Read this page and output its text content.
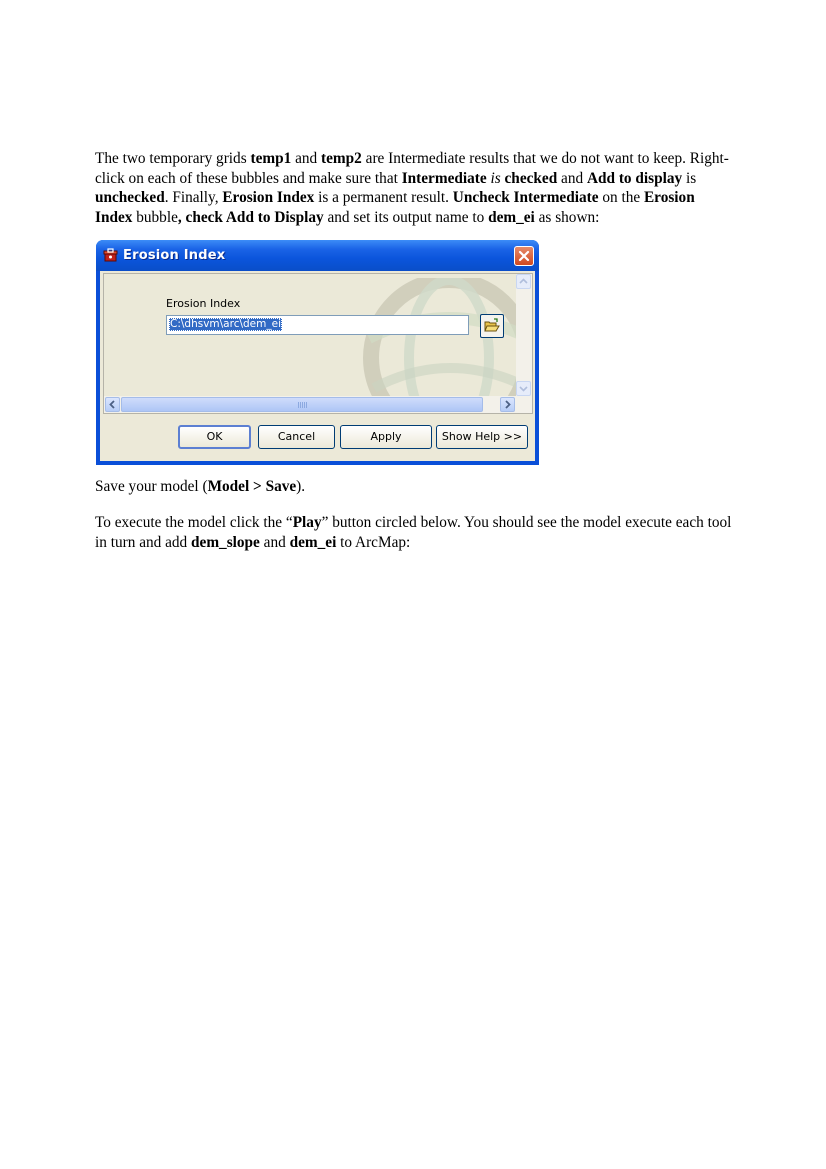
The two temporary grids temp1 and temp2 are Intermediate results that we do not want to keep. Right-click on each of these bubbles and make sure that Intermediate is checked and Add to display is unchecked. Finally, Erosion Index is a permanent result. Uncheck Intermediate on the Erosion Index bubble, check Add to Display and set its output name to dem_ei as shown:

Erosion Index
Erosion Index
C:\dhsvm\arc\dem_ei
OK	Cancel	Apply	Show Help >>

Save your model (Model > Save).

To execute the model click the “Play” button circled below. You should see the model execute each tool in turn and add dem_slope and dem_ei to ArcMap:
